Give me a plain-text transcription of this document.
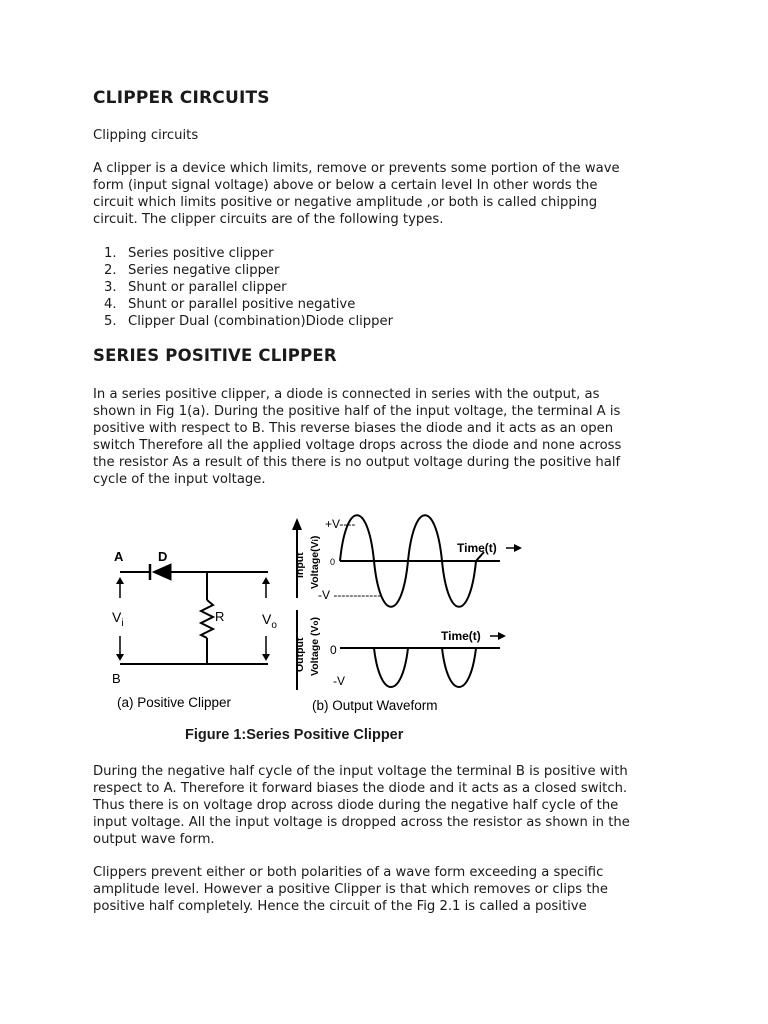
CLIPPER CIRCUITS

Clipping circuits

A clipper is a device which limits, remove or prevents some portion of the wave
form (input signal voltage) above or below a certain level In other words the
circuit which limits positive or negative amplitude ,or both is called chipping
circuit. The clipper circuits are of the following types.

1. Series positive clipper
2. Series negative clipper
3. Shunt or parallel clipper
4. Shunt or parallel positive negative
5. Clipper Dual (combination)Diode clipper
SERIES POSITIVE CLIPPER

In a series positive clipper, a diode is connected in series with the output, as
shown in Fig 1(a). During the positive half of the input voltage, the terminal A is
positive with respect to B. This reverse biases the diode and it acts as an open
switch Therefore all the applied voltage drops across the diode and none across
the resistor As a result of this there is no output voltage during the positive half
cycle of the input voltage.

During the negative half cycle of the input voltage the terminal B is positive with
respect to A. Therefore it forward biases the diode and it acts as a closed switch.
Thus there is on voltage drop across diode during the negative half cycle of the
input voltage. All the input voltage is dropped across the resistor as shown in the
output wave form.

Clippers prevent either or both polarities of a wave form exceeding a specific
amplitude level. However a positive Clipper is that which removes or clips the
positive half completely. Hence the circuit of the Fig 2.1 is called a positive

A	D
$V_i$	R	$V_o$
B
(a) Positive Clipper
Input Voltage(Vi)
Output Voltage (Vo)
+V----
0
-V ------------
Time(t)
Time(t)
0
-V
(b) Output Waveform
Figure 1:Series Positive Clipper
